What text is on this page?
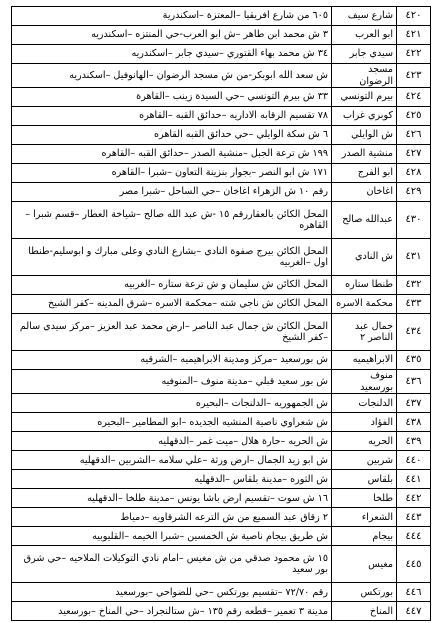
٦٠٥ من شارع افريقيا –المعتزة –اسكندرية	شارع سيف	٤٢٠
٣ ش محمد ابن طاهر –ش ابو العرب-حي المنتزه –اسكندريه	ابو العرب	٤٢١
٣٤ ش محمد بهاء القتوري –سيدي جابر –اسكندريه	سيدي جابر	٤٢٢
ش سعد الله ابوبكر-من ش مسجد الرضوان –الهانوفيل –اسكندريه	مسجد الرضوان	٤٢٣
٣٣ ش بيرم التونسي –حي السيدة زينب –القاهرة	بيرم التونسي	٤٢٤
٧٨ تقسيم الرقابه الاداريه –حدائق القبه –القاهره	كوبري غراب	٤٢٥
٦ ش سكة الوايلي –حي حدائق القبه القاهره	ش الوايلي	٤٢٦
١٩٩ ش ترعة الجبل –منشية الصدر –حدائق القبه –القاهره	منشية الصدر	٤٢٧
١٧١ ش ابو النصر –بجوار بنزينة التعاون –شبرا –القاهره	ابو الفرج	٤٢٨
رقم ١٠ ش الزهراء اغاخان –حي الساحل –شبرا مصر	اغاخان	٤٢٩
المحل الكائن بالعقاررقم ١٥ -ش عبد الله صالح –شياخة العطار –قسم شبرا –القاهره	عبدالله صالح	٤٣٠
المحل الكائن بيرج صفوة النادي –بشارع النادي وعلى مبارك و ابوسليم-طنطا اول –الغربيه	ش النادي	٤٣١
المحل الكائن ش سليمان و ش ترعة ستاره –الغربيه	طنطا ستاره	٤٣٢
المحل الكائن ش ناجي شته –محكمة الاسره –شرق المدينه –كفر الشيخ	محكمة الاسره	٤٣٣
المحل الكائن ش جمال عبد الناصر –ارض محمد عبد العزيز –مركز سيدي سالم –كفر الشيخ	جمال عبد الناصر ٢	٤٣٤
ش بورسعيد –مركز ومدينة الابراهيميه –الشرقيه	الابراهيميه	٤٣٥
ش بور سعيد قبلي –مدينة منوف –المنوفيه	منوف بورسعيد	٤٣٦
ش الجمهوريه –الدلنجات –البحيره	الدلنجات	٤٣٧
ش شعراوي ناصية المنشيه الجديده –ابو المطامير –البحيره	الفؤاد	٤٣٨
ش الحريه –حارة هلال –ميت غمر –الدقهليه	الحريه	٤٣٩
ش ابو زيد الجمال –ارض ورثة –علي سلامه –الشربين –الدقهليه	شربين	٤٤٠
ش الثوره –مدينة بلقاس –الدقهليه	بلقاس	٤٤١
١٦ ش سوت –تقسيم ارض باشا يونس –مدينة طلخا –الدقهليه	طلخا	٤٤٢
٢ زقاق عبد السميع من ش الترعه الشرقاويه –دمياط	الشعراء	٤٤٣
ش طريق بيجام ناصية ش الخمسين –شبرا الخيمه –القليوبيه	بيجام	٤٤٤
١٥ ش محمود صدقي من ش مغيس –امام نادي التوكيلات الملاحيه –حي شرق بور سعيد	مغيس	٤٤٥
رقم ٧٢/٧٠ –تقسيم بورتكس –حي للضواحي –بورسعيد	بورتكس	٤٤٦
مدينة ٣ تعمير –قطعه رقم ١٣٥ –ش ستالنجراد –حي المناخ –بورسعيد	المناخ	٤٤٧
